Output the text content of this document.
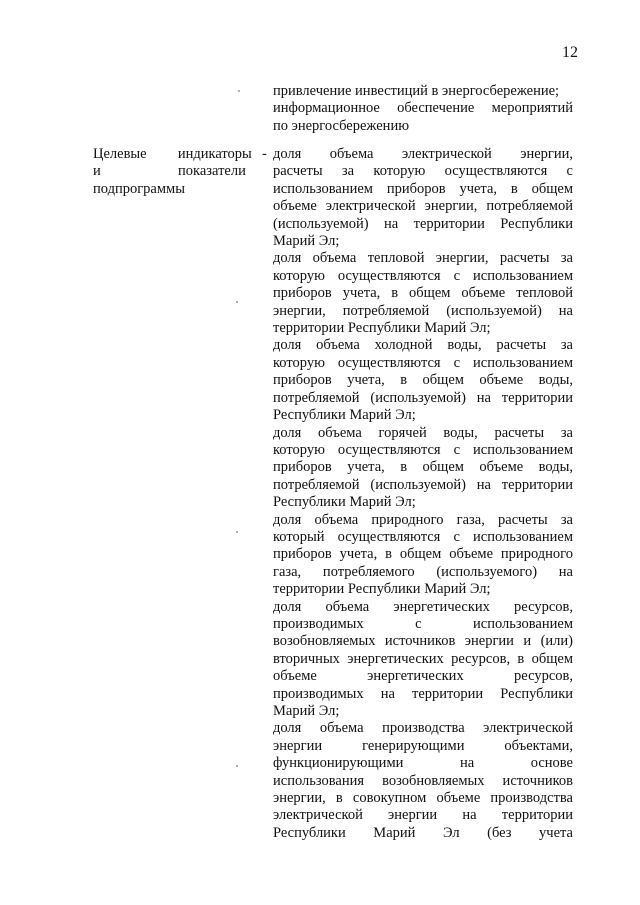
12
привлечение инвестиций в энергосбережение;
информационное обеспечение мероприятий
по энергосбережению
Целевые индикаторы
и	показатели
подпрограммы
- доля объема электрической энергии,
расчеты за которую осуществляются с
использованием приборов учета, в общем
объеме электрической энергии, потребляемой
(используемой) на территории Республики
Марий Эл;
доля объема тепловой энергии, расчеты за
которую осуществляются с использованием
приборов учета, в общем объеме тепловой
энергии, потребляемой (используемой) на
территории Республики Марий Эл;
доля объема холодной воды, расчеты за
которую осуществляются с использованием
приборов учета, в общем объеме воды,
потребляемой (используемой) на территории
Республики Марий Эл;
доля объема горячей воды, расчеты за
которую осуществляются с использованием
приборов учета, в общем объеме воды,
потребляемой (используемой) на территории
Республики Марий Эл;
доля объема природного газа, расчеты за
который осуществляются с использованием
приборов учета, в общем объеме природного
газа, потребляемого (используемого) на
территории Республики Марий Эл;
доля объема энергетических ресурсов,
производимых с использованием
возобновляемых источников энергии и (или)
вторичных энергетических ресурсов, в общем
объеме энергетических ресурсов,
производимых на территории Республики
Марий Эл;
доля объема производства электрической
энергии генерирующими объектами,
функционирующими на основе
использования возобновляемых источников
энергии, в совокупном объеме производства
электрической энергии на территории
Республики Марий Эл (без учета
